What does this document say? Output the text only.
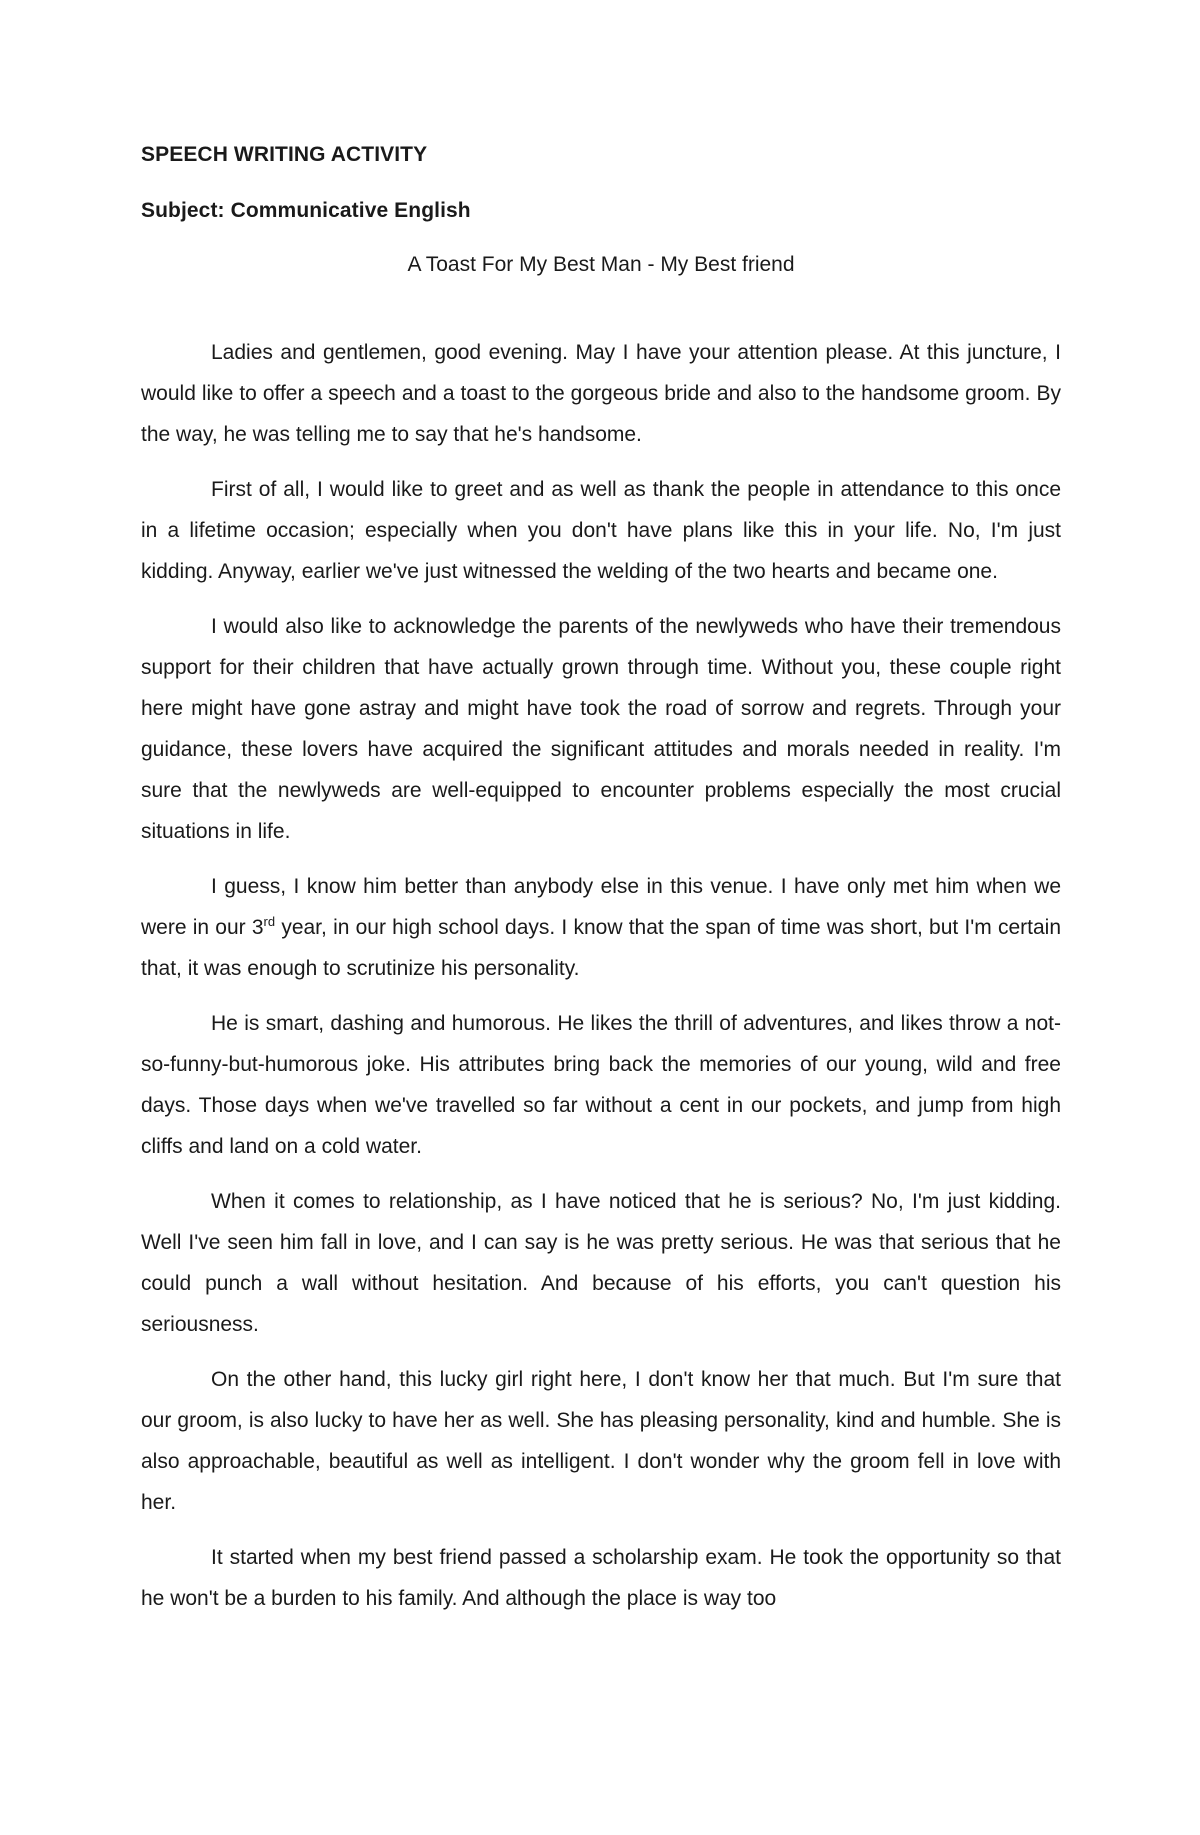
SPEECH WRITING ACTIVITY

Subject: Communicative English

A Toast For My Best Man - My Best friend

Ladies and gentlemen, good evening. May I have your attention please. At this juncture, I would like to offer a speech and a toast to the gorgeous bride and also to the handsome groom. By the way, he was telling me to say that he's handsome.

First of all, I would like to greet and as well as thank the people in attendance to this once in a lifetime occasion; especially when you don't have plans like this in your life. No, I'm just kidding. Anyway, earlier we've just witnessed the welding of the two hearts and became one.

I would also like to acknowledge the parents of the newlyweds who have their tremendous support for their children that have actually grown through time. Without you, these couple right here might have gone astray and might have took the road of sorrow and regrets. Through your guidance, these lovers have acquired the significant attitudes and morals needed in reality. I'm sure that the newlyweds are well-equipped to encounter problems especially the most crucial situations in life.

I guess, I know him better than anybody else in this venue. I have only met him when we were in our 3rd year, in our high school days. I know that the span of time was short, but I'm certain that, it was enough to scrutinize his personality.

He is smart, dashing and humorous. He likes the thrill of adventures, and likes throw a not-so-funny-but-humorous joke. His attributes bring back the memories of our young, wild and free days. Those days when we've travelled so far without a cent in our pockets, and jump from high cliffs and land on a cold water.

When it comes to relationship, as I have noticed that he is serious? No, I'm just kidding. Well I've seen him fall in love, and I can say is he was pretty serious. He was that serious that he could punch a wall without hesitation. And because of his efforts, you can't question his seriousness.

On the other hand, this lucky girl right here, I don't know her that much. But I'm sure that our groom, is also lucky to have her as well. She has pleasing personality, kind and humble. She is also approachable, beautiful as well as intelligent. I don't wonder why the groom fell in love with her.

It started when my best friend passed a scholarship exam. He took the opportunity so that he won't be a burden to his family. And although the place is way too
